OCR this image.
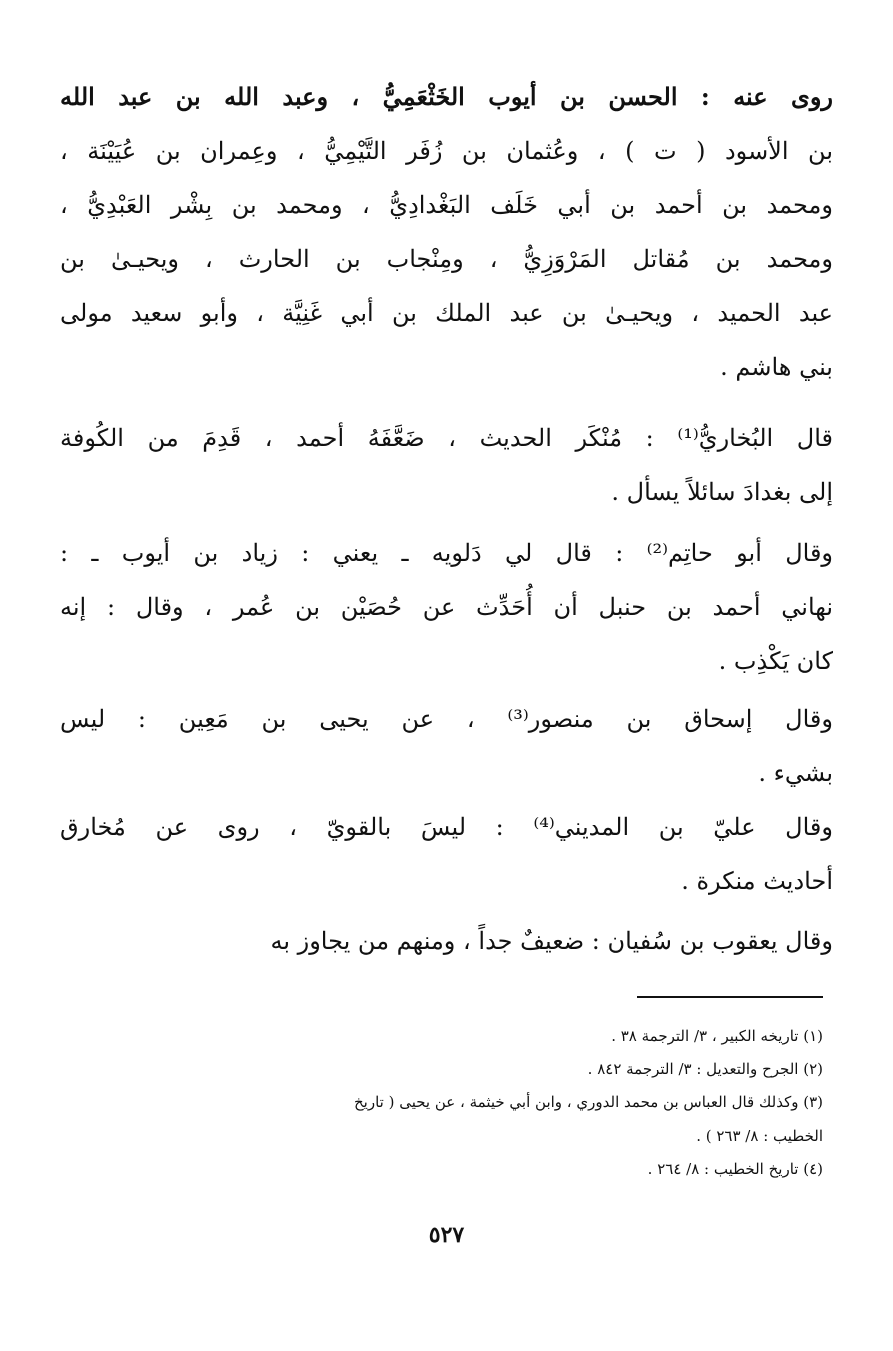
روى عنه : الحسن بن أيوب الخَثْعَمِيُّ ، وعبد الله بن عبد الله
بن الأسود ( ت ) ، وعُثمان بن زُفَر التَّيْمِيُّ ، وعِمران بن عُيَيْنَة ،
ومحمد بن أحمد بن أبي خَلَف البَغْدادِيُّ ، ومحمد بن بِشْر العَبْدِيُّ ،
ومحمد بن مُقاتل المَرْوَزِيُّ ، ومِنْجاب بن الحارث ، ويحيـىٰ بن
عبد الحميد ، ويحيـىٰ بن عبد الملك بن أبي غَنِيَّة ، وأبو سعيد مولى
بني هاشم .
قال البُخاريُّ⁽¹⁾ : مُنْكَر الحديث ، ضَعَّفَهُ أحمد ، قَدِمَ من الكُوفة
إلى بغدادَ سائلاً يسأل .
وقال أبو حاتِم⁽²⁾ : قال لي دَلويه ـ يعني : زياد بن أيوب ـ :
نهاني أحمد بن حنبل أن أُحَدِّث عن حُصَيْن بن عُمر ، وقال : إنه
كان يَكْذِب .
وقال إسحاق بن منصور⁽³⁾ ، عن يحيى بن مَعِين : ليس
بشيء .
وقال عليّ بن المديني⁽⁴⁾ : ليسَ بالقويّ ، روى عن مُخارق
أحاديث منكرة .
وقال يعقوب بن سُفيان : ضعيفٌ جداً ، ومنهم من يجاوز به
(١) تاريخه الكبير ، ٣/ الترجمة ٣٨ .
(٢) الجرح والتعديل : ٣/ الترجمة ٨٤٢ .
(٣) وكذلك قال العباس بن محمد الدوري ، وابن أبي خيثمة ، عن يحيى ( تاريخ
الخطيب : ٨/ ٢٦٣ ) .
(٤) تاريخ الخطيب : ٨/ ٢٦٤ .
٥٢٧
